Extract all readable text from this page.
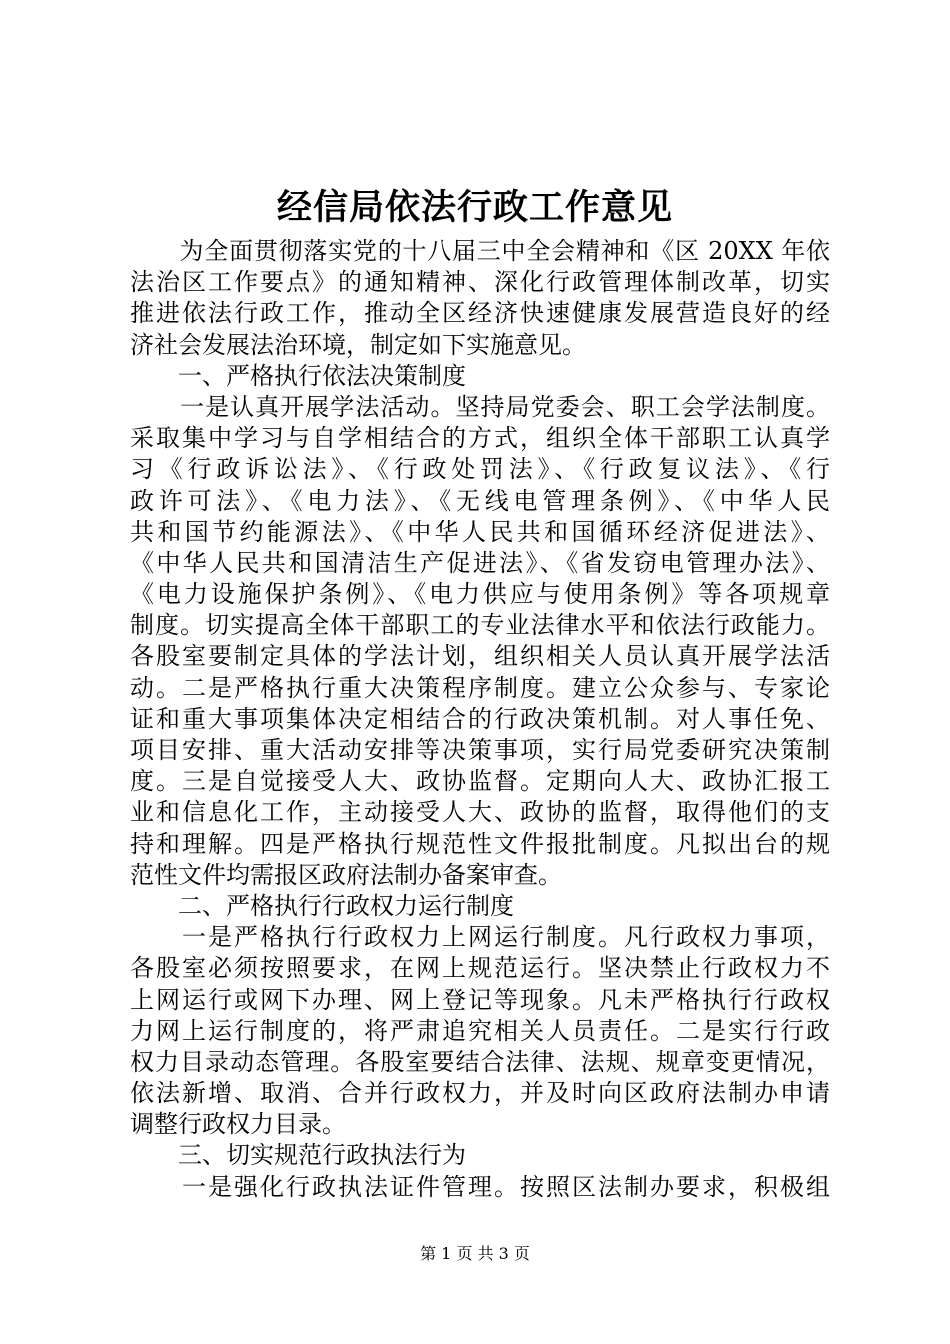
经信局依法行政工作意见
　　为全面贯彻落实党的十八届三中全会精神和《区 20XX 年依
法治区工作要点》的通知精神、深化行政管理体制改革，切实
推进依法行政工作，推动全区经济快速健康发展营造良好的经
济社会发展法治环境，制定如下实施意见。
　　一、严格执行依法决策制度
　　一是认真开展学法活动。坚持局党委会、职工会学法制度。
采取集中学习与自学相结合的方式，组织全体干部职工认真学
习《行政诉讼法》、《行政处罚法》、《行政复议法》、《行
政许可法》、《电力法》、《无线电管理条例》、《中华人民
共和国节约能源法》、《中华人民共和国循环经济促进法》、
《中华人民共和国清洁生产促进法》、《省发窃电管理办法》、
《电力设施保护条例》、《电力供应与使用条例》等各项规章
制度。切实提高全体干部职工的专业法律水平和依法行政能力。
各股室要制定具体的学法计划，组织相关人员认真开展学法活
动。二是严格执行重大决策程序制度。建立公众参与、专家论
证和重大事项集体决定相结合的行政决策机制。对人事任免、
项目安排、重大活动安排等决策事项，实行局党委研究决策制
度。三是自觉接受人大、政协监督。定期向人大、政协汇报工
业和信息化工作，主动接受人大、政协的监督，取得他们的支
持和理解。四是严格执行规范性文件报批制度。凡拟出台的规
范性文件均需报区政府法制办备案审查。
　　二、严格执行行政权力运行制度
　　一是严格执行行政权力上网运行制度。凡行政权力事项，
各股室必须按照要求，在网上规范运行。坚决禁止行政权力不
上网运行或网下办理、网上登记等现象。凡未严格执行行政权
力网上运行制度的，将严肃追究相关人员责任。二是实行行政
权力目录动态管理。各股室要结合法律、法规、规章变更情况，
依法新增、取消、合并行政权力，并及时向区政府法制办申请
调整行政权力目录。
　　三、切实规范行政执法行为
　　一是强化行政执法证件管理。按照区法制办要求，积极组
第 1 页 共 3 页
